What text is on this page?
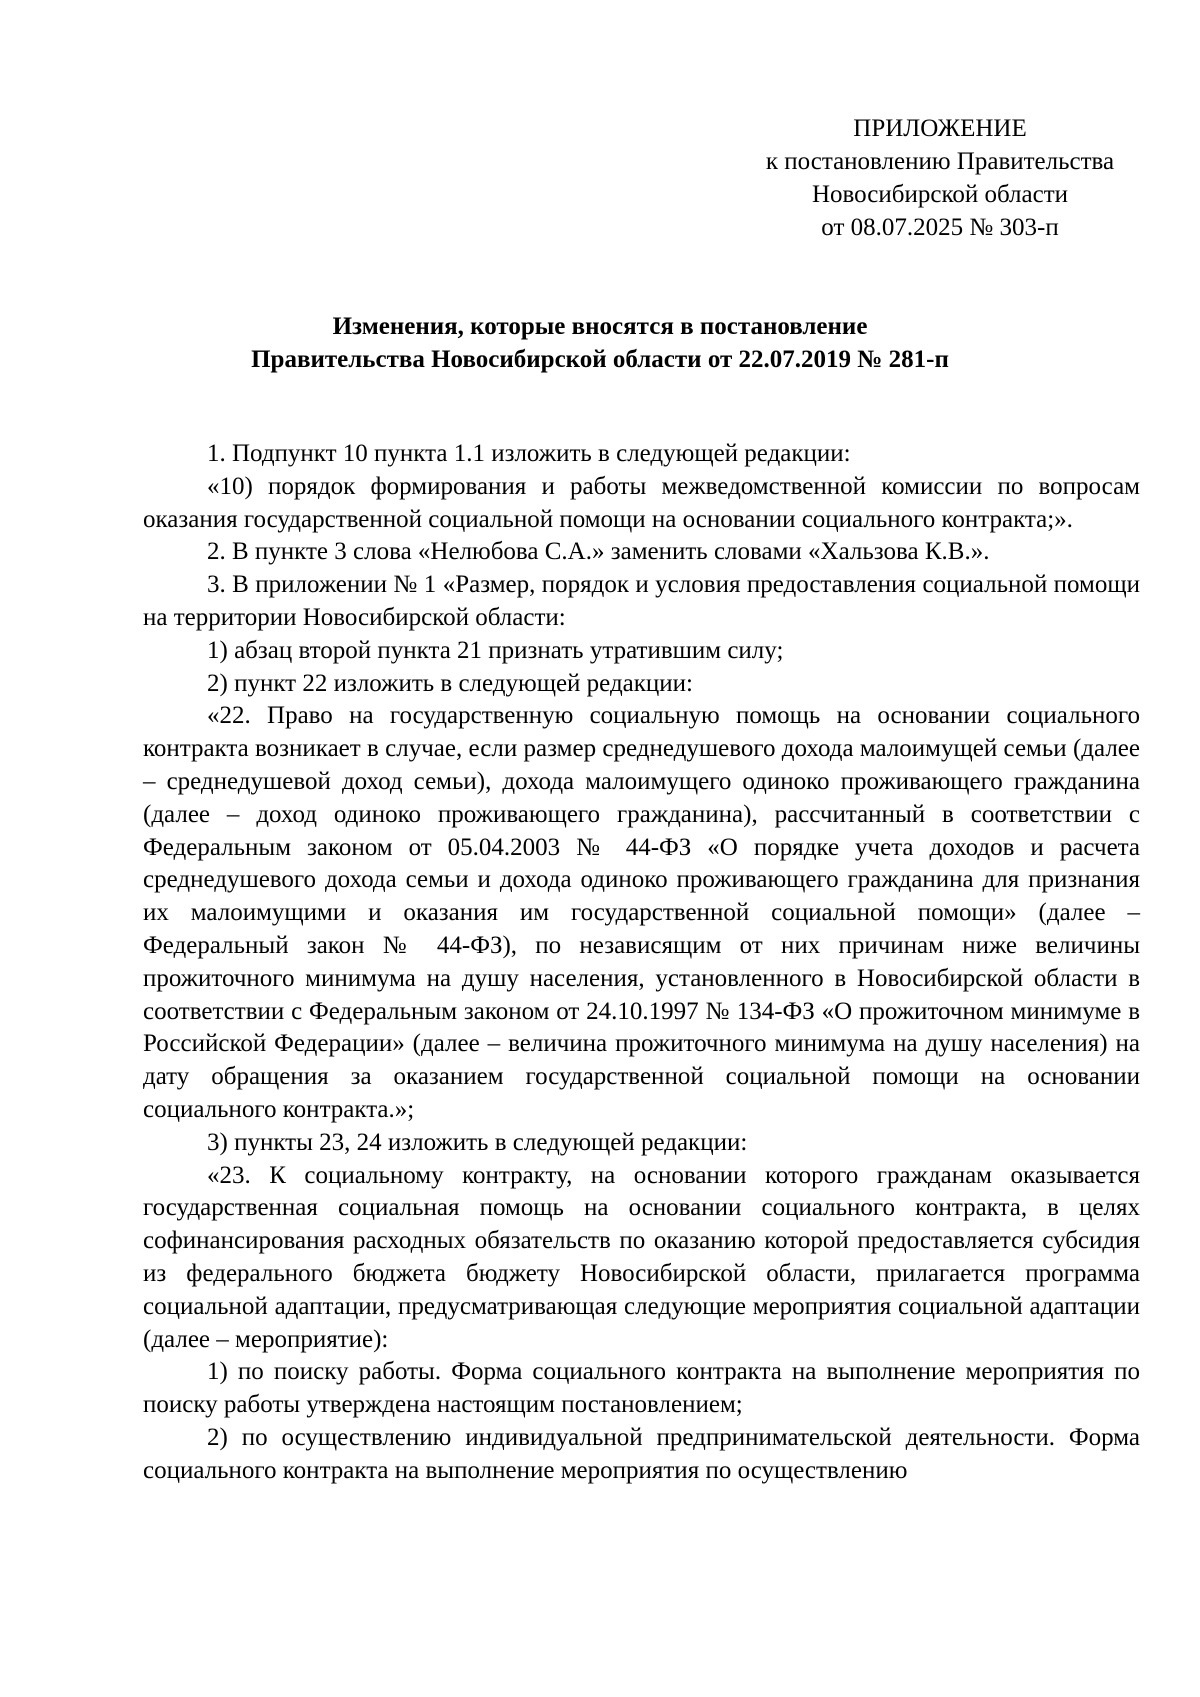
ПРИЛОЖЕНИЕ
к постановлению Правительства
Новосибирской области
от 08.07.2025 № 303-п
Изменения, которые вносятся в постановление
Правительства Новосибирской области от 22.07.2019 № 281-п

1. Подпункт 10 пункта 1.1 изложить в следующей редакции:

«10) порядок формирования и работы межведомственной комиссии по вопросам оказания государственной социальной помощи на основании социального контракта;».

2. В пункте 3 слова «Нелюбова С.А.» заменить словами «Хальзова К.В.».

3. В приложении № 1 «Размер, порядок и условия предоставления социальной помощи на территории Новосибирской области:

1) абзац второй пункта 21 признать утратившим силу;

2) пункт 22 изложить в следующей редакции:

«22. Право на государственную социальную помощь на основании социального контракта возникает в случае, если размер среднедушевого дохода малоимущей семьи (далее – среднедушевой доход семьи), дохода малоимущего одиноко проживающего гражданина (далее – доход одиноко проживающего гражданина), рассчитанный в соответствии с Федеральным законом от 05.04.2003 № 44-ФЗ «О порядке учета доходов и расчета среднедушевого дохода семьи и дохода одиноко проживающего гражданина для признания их малоимущими и оказания им государственной социальной помощи» (далее – Федеральный закон № 44-ФЗ), по независящим от них причинам ниже величины прожиточного минимума на душу населения, установленного в Новосибирской области в соответствии с Федеральным законом от 24.10.1997 № 134-ФЗ «О прожиточном минимуме в Российской Федерации» (далее – величина прожиточного минимума на душу населения) на дату обращения за оказанием государственной социальной помощи на основании социального контракта.»;

3) пункты 23, 24 изложить в следующей редакции:

«23. К социальному контракту, на основании которого гражданам оказывается государственная социальная помощь на основании социального контракта, в целях софинансирования расходных обязательств по оказанию которой предоставляется субсидия из федерального бюджета бюджету Новосибирской области, прилагается программа социальной адаптации, предусматривающая следующие мероприятия социальной адаптации (далее – мероприятие):

1) по поиску работы. Форма социального контракта на выполнение мероприятия по поиску работы утверждена настоящим постановлением;

2) по осуществлению индивидуальной предпринимательской деятельности. Форма социального контракта на выполнение мероприятия по осуществлению
